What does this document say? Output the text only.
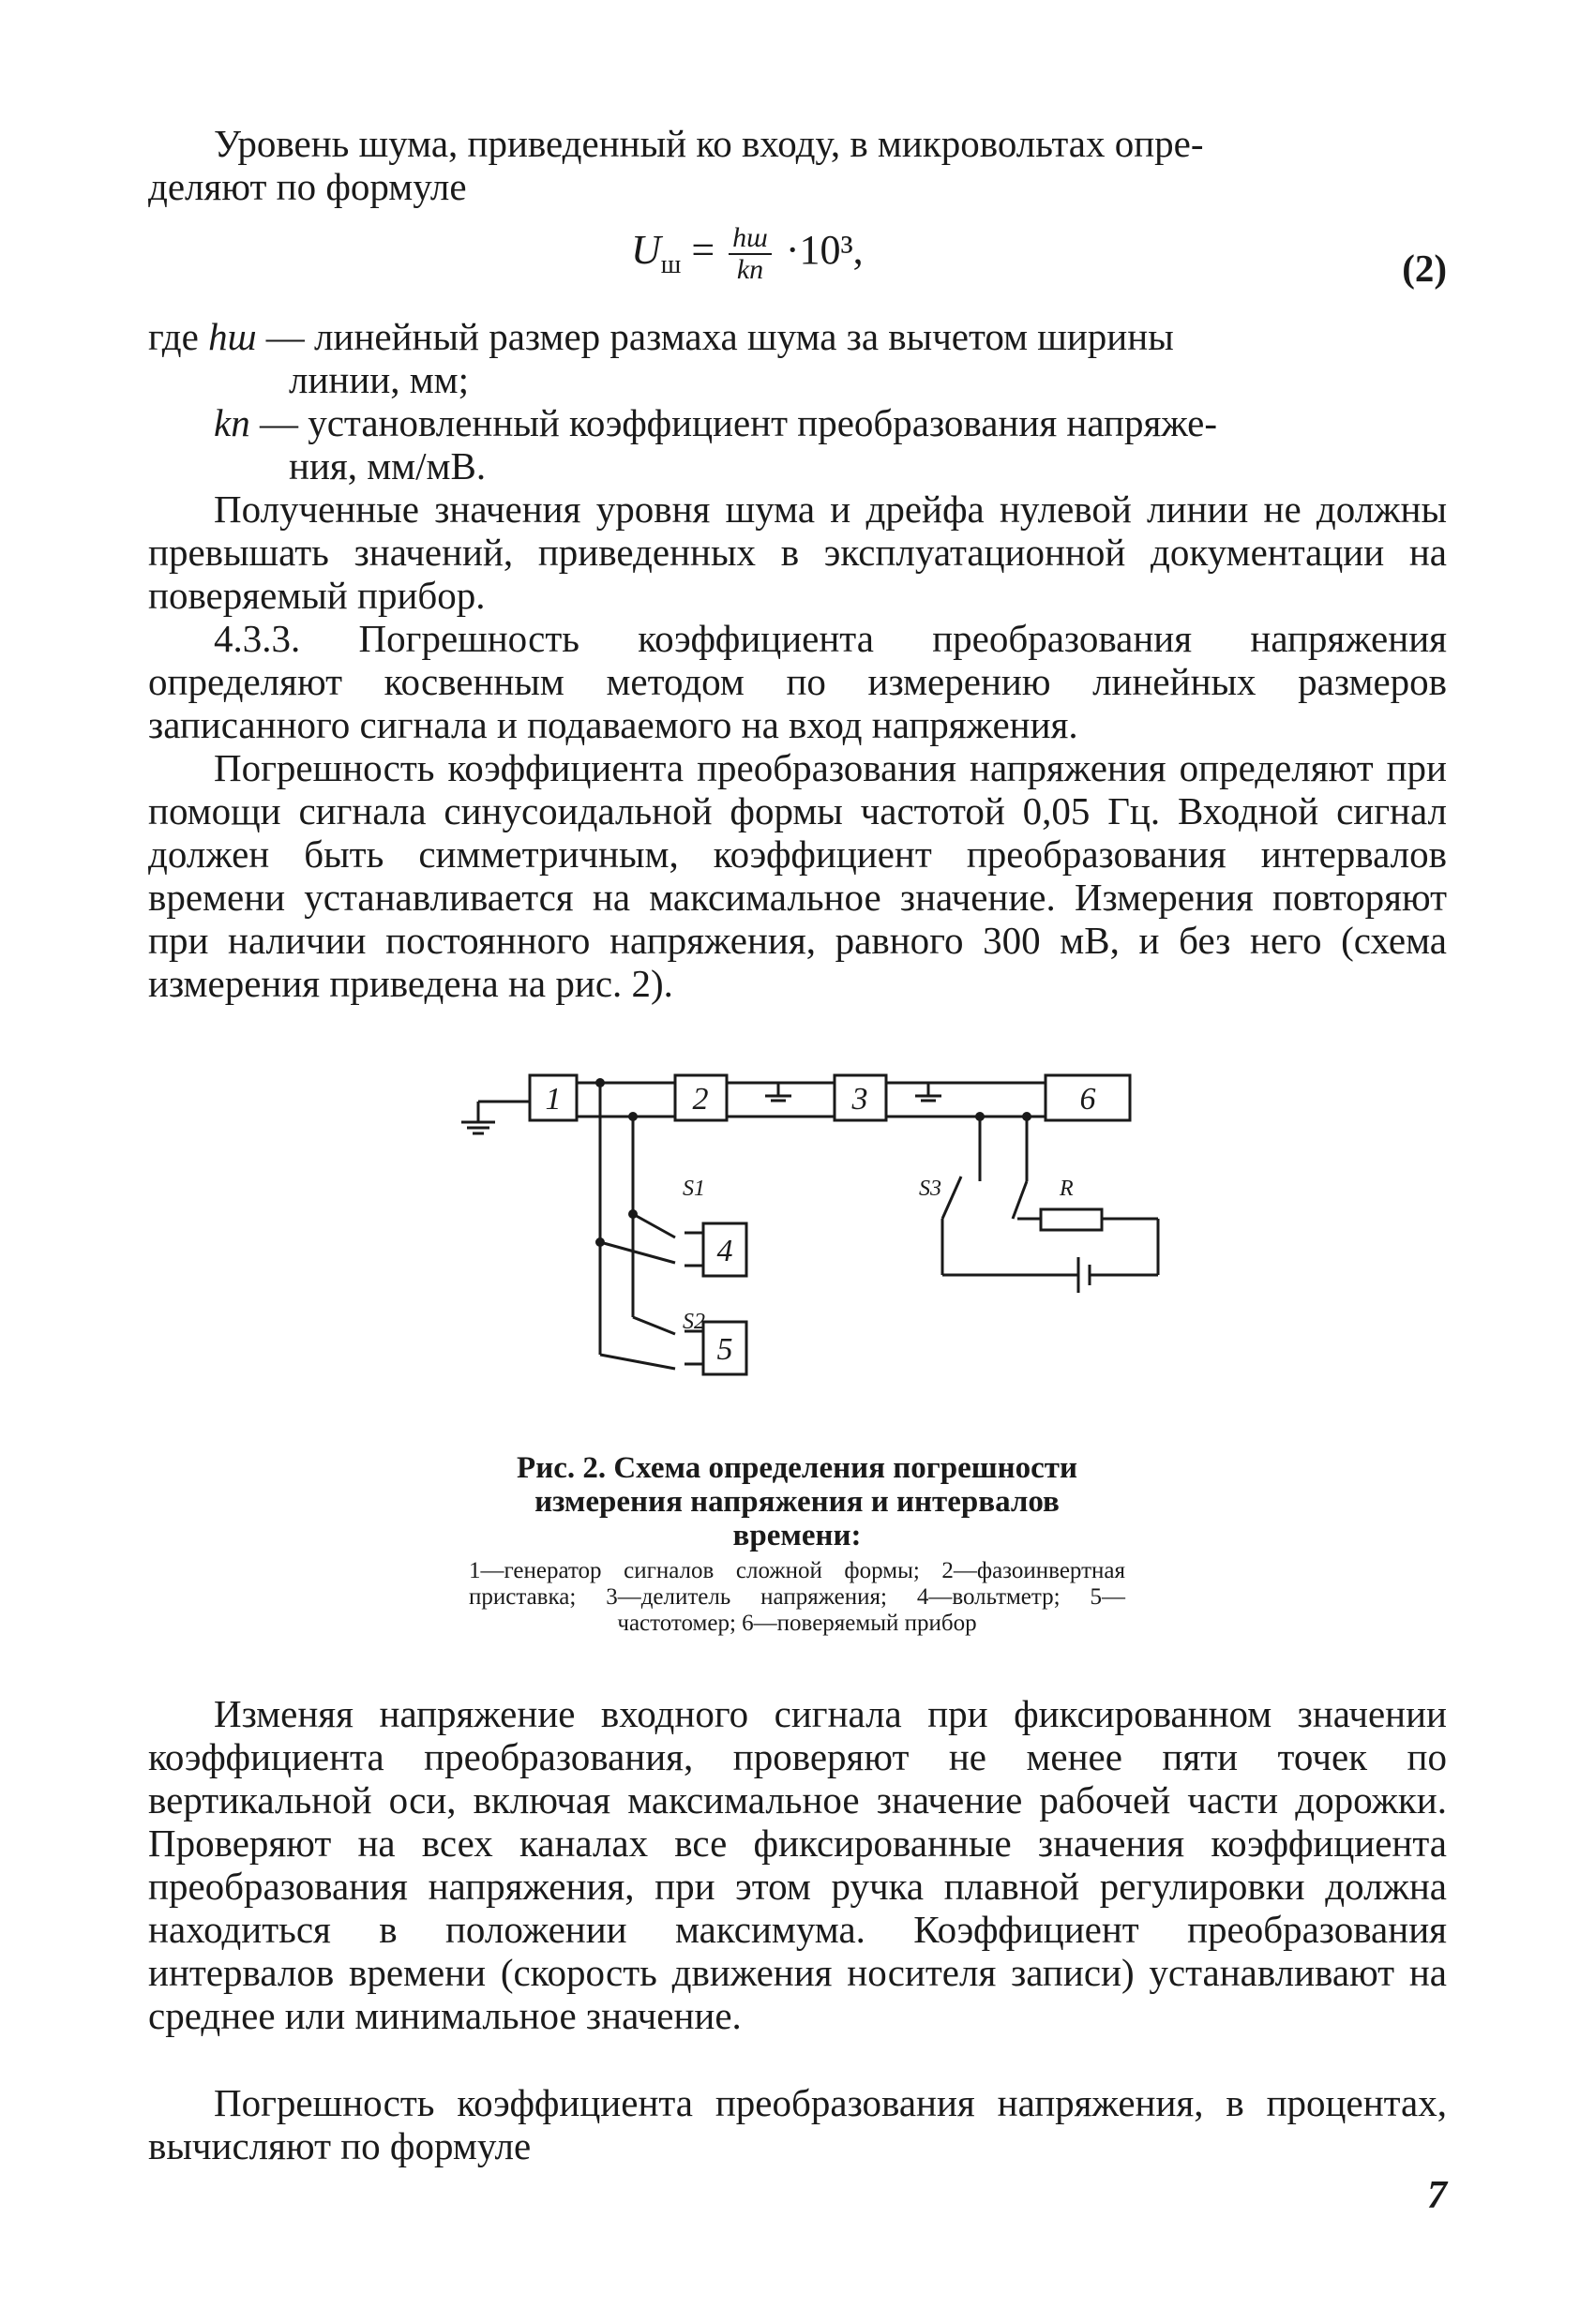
Уровень шума, приведенный ко входу, в микровольтах опре-

деляют по формуле

$U_ш = \frac{hш}{kп} \cdot 10^3$,	(2)
где hш — линейный размер размаха шума за вычетом ширины
линии, мм;
kп — установленный коэффициент преобразования напряже-
ния, мм/мВ.

Полученные значения уровня шума и дрейфа нулевой линии не должны превышать значений, приведенных в эксплуатационной документации на поверяемый прибор.

4.3.3. Погрешность коэффициента преобразования напряжения определяют косвенным методом по измерению линейных размеров записанного сигнала и подаваемого на вход напряжения.

Погрешность коэффициента преобразования напряжения определяют при помощи сигнала синусоидальной формы частотой 0,05 Гц. Входной сигнал должен быть симметричным, коэффициент преобразования интервалов времени устанавливается на максимальное значение. Измерения повторяют при наличии постоянного напряжения, равного 300 мВ, и без него (схема измерения приведена на рис. 2).

1	2	3	6
4
5
S1
S2
S3	R

Рис. 2. Схема определения погрешности измерения напряжения и интервалов времени:

1—генератор сигналов сложной формы; 2—фазоинвертная приставка; 3—делитель напряжения; 4—вольтметр; 5—частотомер; 6—поверяемый прибор

Изменяя напряжение входного сигнала при фиксированном значении коэффициента преобразования, проверяют не менее пяти точек по вертикальной оси, включая максимальное значение рабочей части дорожки. Проверяют на всех каналах все фиксированные значения коэффициента преобразования напряжения, при этом ручка плавной регулировки должна находиться в положении максимума. Коэффициент преобразования интервалов времени (скорость движения носителя записи) устанавливают на среднее или минимальное значение.

Погрешность коэффициента преобразования напряжения, в процентах, вычисляют по формуле

7
